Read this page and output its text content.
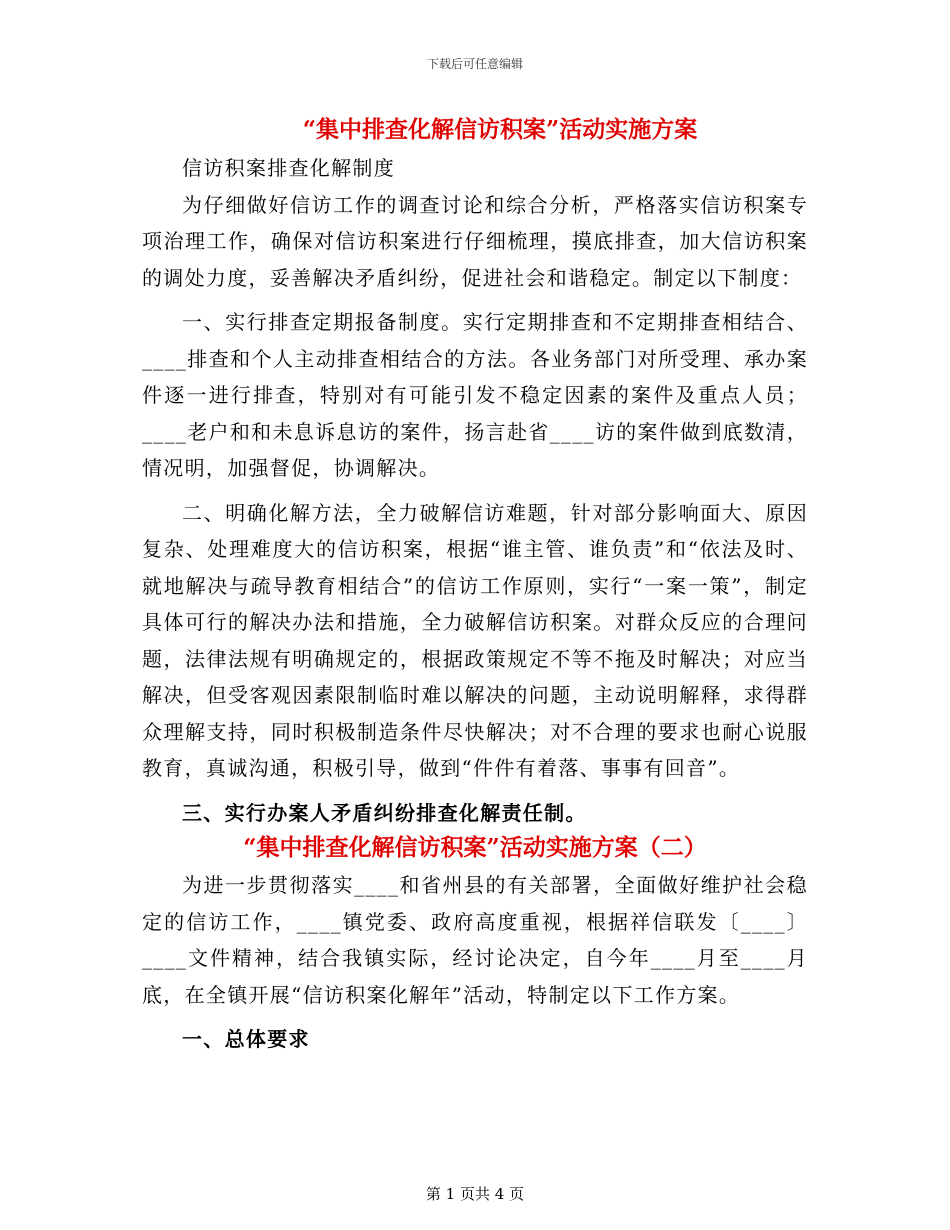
下载后可任意编辑
“集中排查化解信访积案”活动实施方案

信访积案排查化解制度

为仔细做好信访工作的调查讨论和综合分析，严格落实信访积案专项治理工作，确保对信访积案进行仔细梳理，摸底排查，加大信访积案的调处力度，妥善解决矛盾纠纷，促进社会和谐稳定。制定以下制度：

一、实行排查定期报备制度。实行定期排查和不定期排查相结合、____排查和个人主动排查相结合的方法。各业务部门对所受理、承办案件逐一进行排查，特别对有可能引发不稳定因素的案件及重点人员；____老户和和未息诉息访的案件，扬言赴省____访的案件做到底数清，情况明，加强督促，协调解决。

二、明确化解方法，全力破解信访难题，针对部分影响面大、原因复杂、处理难度大的信访积案，根据“谁主管、谁负责”和“依法及时、就地解决与疏导教育相结合”的信访工作原则，实行“一案一策”，制定具体可行的解决办法和措施，全力破解信访积案。对群众反应的合理问题，法律法规有明确规定的，根据政策规定不等不拖及时解决；对应当解决，但受客观因素限制临时难以解决的问题，主动说明解释，求得群众理解支持，同时积极制造条件尽快解决；对不合理的要求也耐心说服教育，真诚沟通，积极引导，做到“件件有着落、事事有回音”。

三、实行办案人矛盾纠纷排查化解责任制。

“集中排查化解信访积案”活动实施方案（二）

为进一步贯彻落实____和省州县的有关部署，全面做好维护社会稳定的信访工作，____镇党委、政府高度重视，根据祥信联发〔____〕____文件精神，结合我镇实际，经讨论决定，自今年____月至____月底，在全镇开展“信访积案化解年”活动，特制定以下工作方案。

一、总体要求

第 1 页共 4 页
